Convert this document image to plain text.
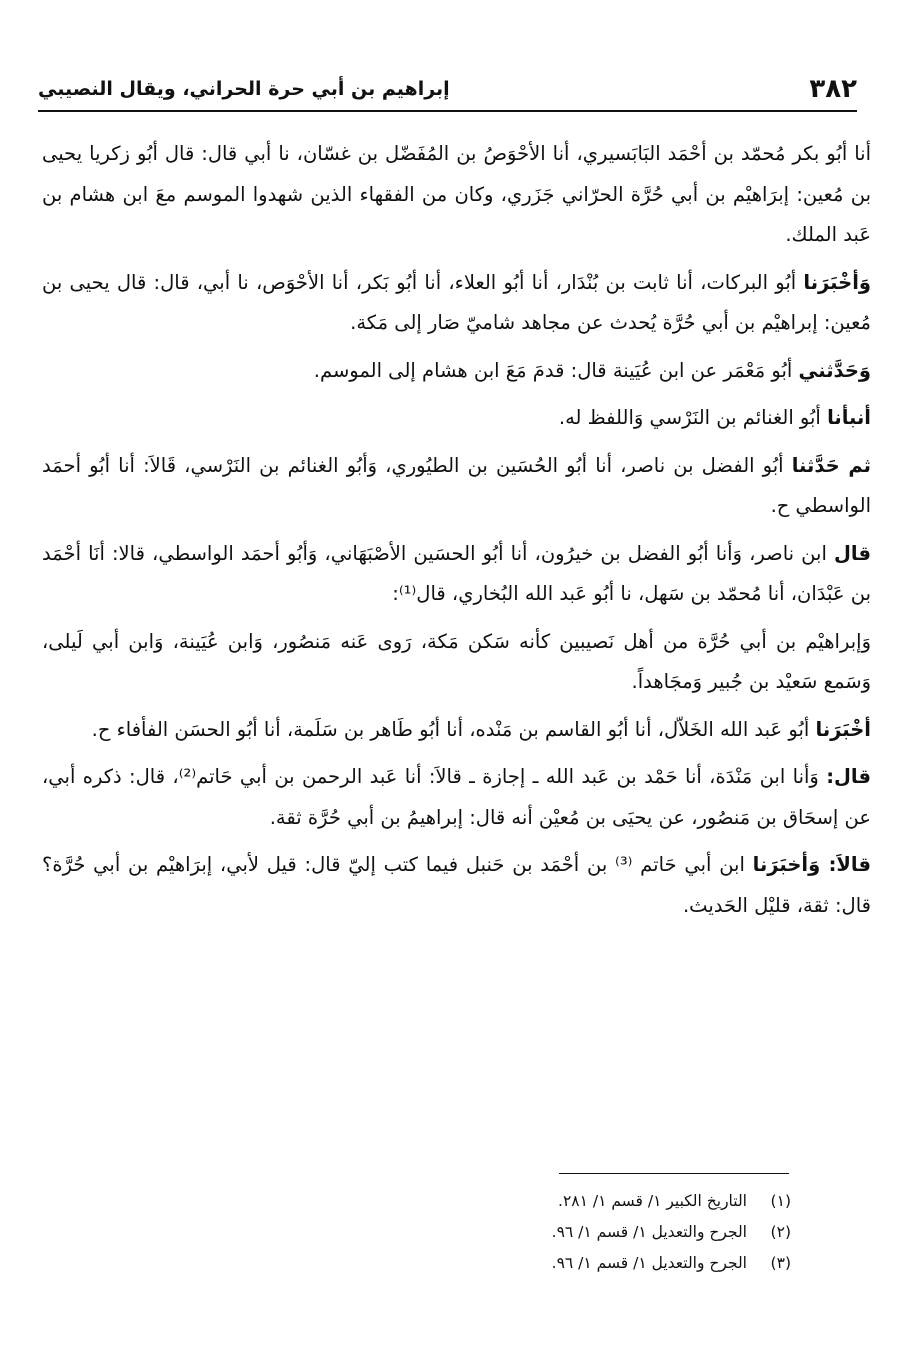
٣٨٢
إبراهيم بن أبي حرة الحراني، ويقال النصيبي

أنا أبُو بكر مُحمّد بن أحْمَد البَابَسيري، أنا الأحْوَصُ بن المُفَضّل بن غسّان، نا أبي قال: قال أبُو زكريا يحيى بن مُعين: إبرَاهيْم بن أبي حُرَّة الحرّاني جَزَري، وكان من الفقهاء الذين شهدوا الموسم معَ ابن هشام بن عَبد الملك.

وَأخْبَرَنا أبُو البركات، أنا ثابت بن بُنْدَار، أنا أبُو العلاء، أنا أبُو بَكر، أنا الأحْوَص، نا أبي، قال: قال يحيى بن مُعين: إبراهيْم بن أبي حُرَّة يُحدث عن مجاهد شاميّ صَار إلى مَكة.

وَحَدَّثني أبُو مَعْمَر عن ابن عُيَينة قال: قدمَ مَعَ ابن هشام إلى الموسم.

أنبأنا أبُو الغنائم بن النَرْسي وَاللفظ له.

ثم حَدَّثنا أبُو الفضل بن ناصر، أنا أبُو الحُسَين بن الطيُوري، وَأبُو الغنائم بن النَرْسي، قَالاَ: أنا أبُو أحمَد الواسطي ح.

قال ابن ناصر، وَأنا أبُو الفضل بن خيرُون، أنا أبُو الحسَين الأصْبَهَاني، وَأبُو أحمَد الواسطي، قالا: أنَا أحْمَد بن عَبْدَان، أنا مُحمّد بن سَهل، نا أبُو عَبد الله البُخاري، قال⁽¹⁾:

وَإبراهيْم بن أبي حُرَّة من أهل نَصيبين كأنه سَكن مَكة، رَوى عَنه مَنصُور، وَابن عُيَينة، وَابن أبي لَيلى، وَسَمع سَعيْد بن جُبير وَمجَاهداً.

أخْبَرَنا أبُو عَبد الله الخَلاّل، أنا أبُو القاسم بن مَنْده، أنا أبُو طَاهر بن سَلَمة، أنا أبُو الحسَن الفأفاء ح.

قال: وَأنا ابن مَنْدَة، أنا حَمْد بن عَبد الله ـ إجازة ـ قالاَ: أنا عَبد الرحمن بن أبي حَاتم⁽²⁾، قال: ذكره أبي، عن إسحَاق بن مَنصُور، عن يحيَى بن مُعيْن أنه قال: إبراهيمُ بن أبي حُرَّة ثقة.

قالاَ: وَأخبَرَنا ابن أبي حَاتم ⁽³⁾ بن أحْمَد بن حَنبل فيما كتب إليّ قال: قيل لأبي، إبرَاهيْم بن أبي حُرَّة؟ قال: ثقة، قليْل الحَديث.

(١)التاريخ الكبير ١/ قسم ١/ ٢٨١.
(٢)الجرح والتعديل ١/ قسم ١/ ٩٦.
(٣)الجرح والتعديل ١/ قسم ١/ ٩٦.
